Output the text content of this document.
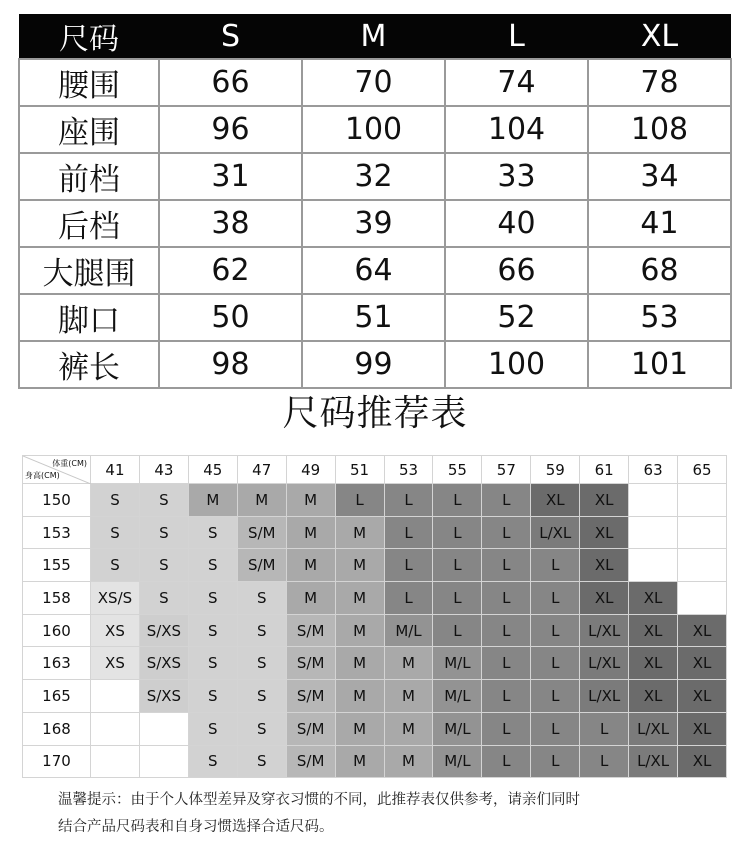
尺码	S	M	L	XL
腰围	66	70	74	78
座围	96	100	104	108
前档	31	32	33	34
后档	38	39	40	41
大腿围	62	64	66	68
脚口	50	51	52	53
裤长	98	99	100	101
尺码推荐表
体重(CM)
身高(CM)	41	43	45	47	49	51	53	55	57	59	61	63	65
150	S	S	M	M	M	L	L	L	L	XL	XL		
153	S	S	S	S/M	M	M	L	L	L	L/XL	XL		
155	S	S	S	S/M	M	M	L	L	L	L	XL		
158	XS/S	S	S	S	M	M	L	L	L	L	XL	XL	
160	XS	S/XS	S	S	S/M	M	M/L	L	L	L	L/XL	XL	XL
163	XS	S/XS	S	S	S/M	M	M	M/L	L	L	L/XL	XL	XL
165		S/XS	S	S	S/M	M	M	M/L	L	L	L/XL	XL	XL
168			S	S	S/M	M	M	M/L	L	L	L	L/XL	XL
170			S	S	S/M	M	M	M/L	L	L	L	L/XL	XL
温馨提示：由于个人体型差异及穿衣习惯的不同，此推荐表仅供参考，请亲们同时
结合产品尺码表和自身习惯选择合适尺码。
